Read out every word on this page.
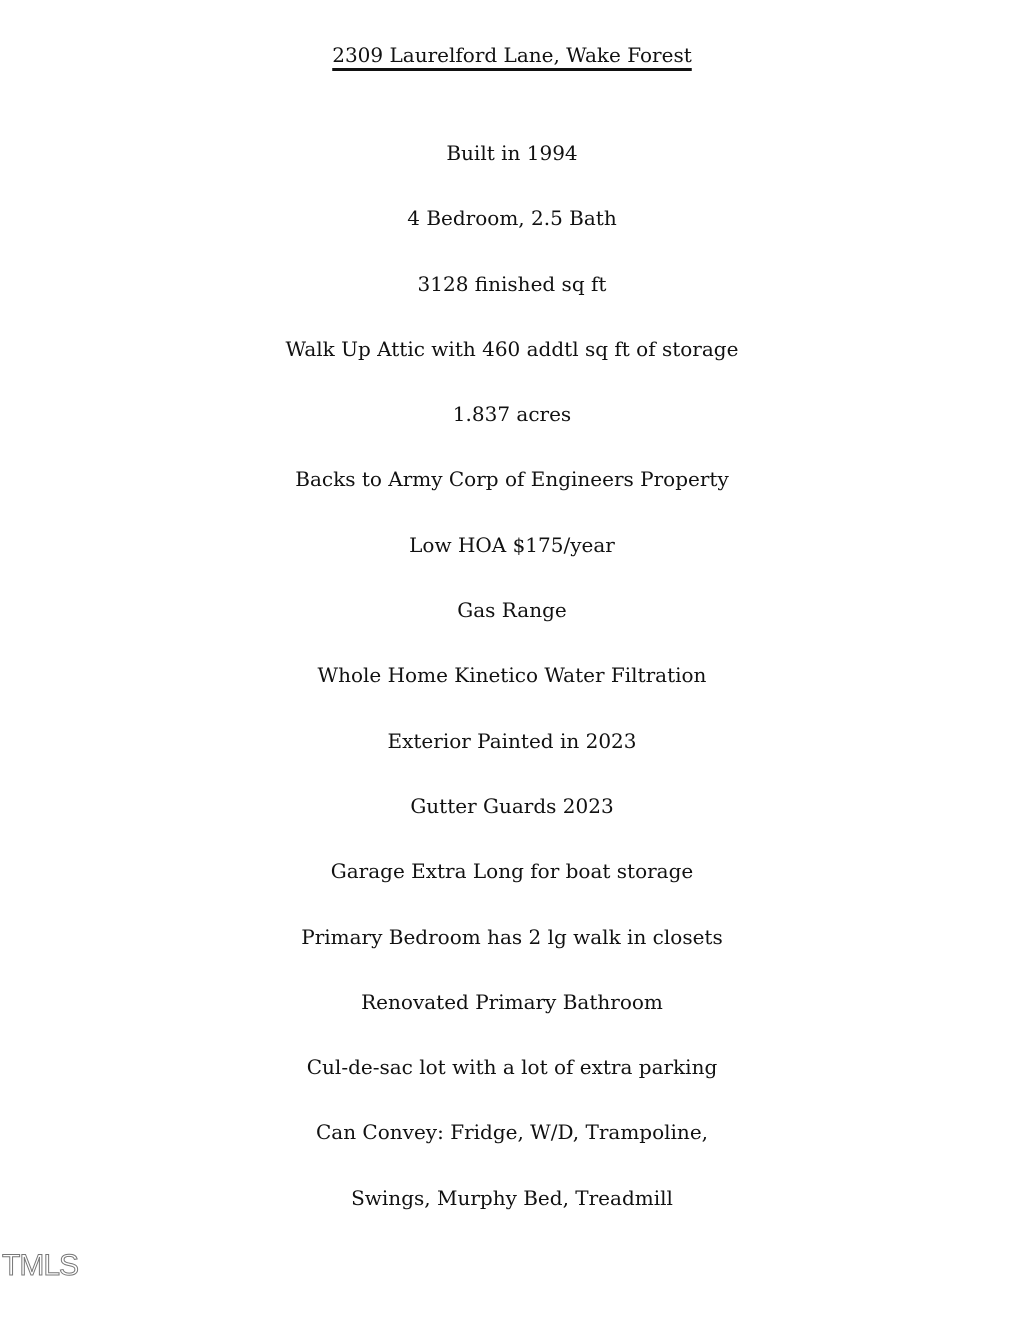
2309 Laurelford Lane, Wake Forest
Built in 1994
4 Bedroom, 2.5 Bath
3128 finished sq ft
Walk Up Attic with 460 addtl sq ft of storage
1.837 acres
Backs to Army Corp of Engineers Property
Low HOA $175/year
Gas Range
Whole Home Kinetico Water Filtration
Exterior Painted in 2023
Gutter Guards 2023
Garage Extra Long for boat storage
Primary Bedroom has 2 lg walk in closets
Renovated Primary Bathroom
Cul-de-sac lot with a lot of extra parking
Can Convey: Fridge, W/D, Trampoline,
Swings, Murphy Bed, Treadmill
TMLS
